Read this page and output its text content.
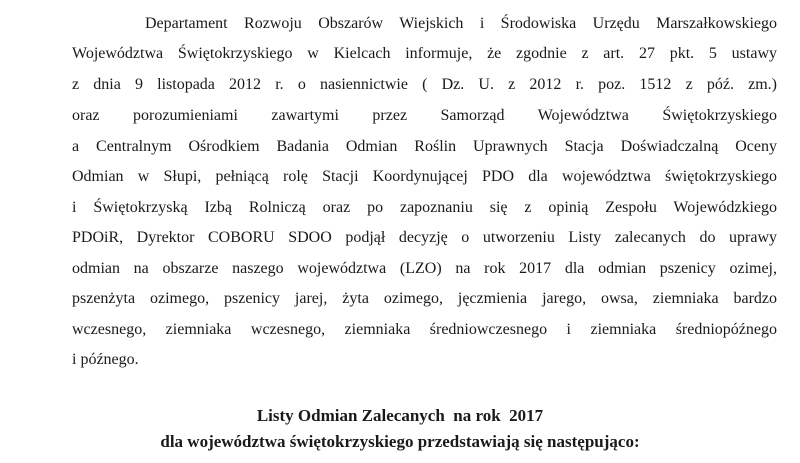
Departament Rozwoju Obszarów Wiejskich i Środowiska Urzędu Marszałkowskiego
Województwa Świętokrzyskiego w Kielcach informuje, że zgodnie z art. 27 pkt. 5 ustawy
z dnia 9 listopada 2012 r. o nasiennictwie ( Dz. U. z 2012 r. poz. 1512 z póź. zm.)
oraz porozumieniami zawartymi przez Samorząd Województwa Świętokrzyskiego
a Centralnym Ośrodkiem Badania Odmian Roślin Uprawnych Stacja Doświadczalną Oceny
Odmian w Słupi, pełniącą rolę Stacji Koordynującej PDO dla województwa świętokrzyskiego
i Świętokrzyską Izbą Rolniczą oraz po zapoznaniu się z opinią Zespołu Wojewódzkiego
PDOiR, Dyrektor COBORU SDOO podjął decyzję o utworzeniu Listy zalecanych do uprawy
odmian na obszarze naszego województwa (LZO) na rok 2017 dla odmian pszenicy ozimej,
pszenżyta ozimego, pszenicy jarej, żyta ozimego, jęczmienia jarego, owsa, ziemniaka bardzo
wczesnego, ziemniaka wczesnego, ziemniaka średniowczesnego i ziemniaka średniopóźnego
i późnego.
Listy Odmian Zalecanych  na rok  2017
dla województwa świętokrzyskiego przedstawiają się następująco:
